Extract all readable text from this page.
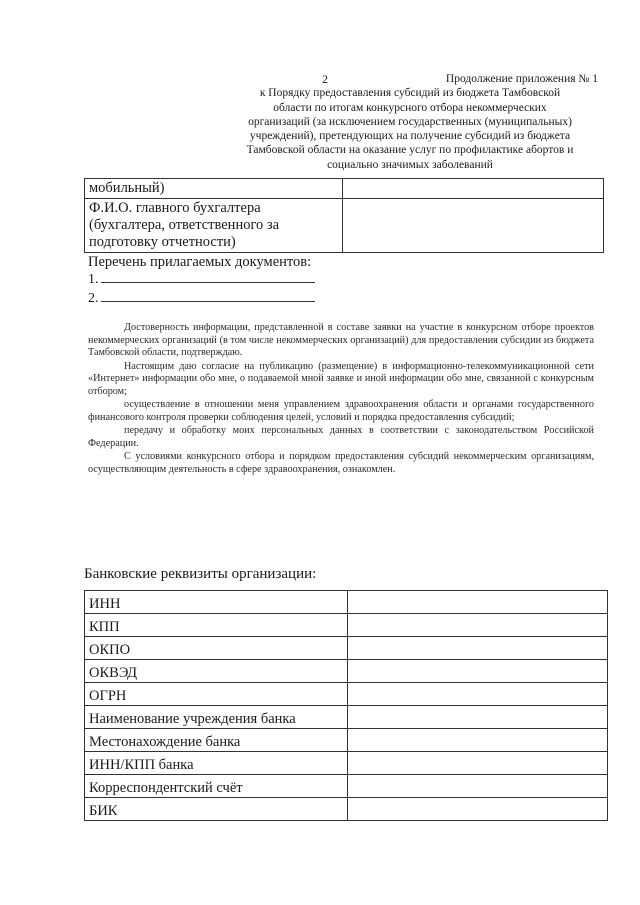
2	Продолжение приложения № 1
к Порядку предоставления субсидий из бюджета Тамбовской
области по итогам конкурсного отбора некоммерческих
организаций (за исключением государственных (муниципальных)
учреждений), претендующих на получение субсидий из бюджета
Тамбовской области на оказание услуг по профилактике абортов и
социально значимых заболеваний
мобильный)	
Ф.И.О. главного бухгалтера (бухгалтера, ответственного за подготовку отчетности)	
Перечень прилагаемых документов:
1.
2.

Достоверность информации, представленной в составе заявки на участие в конкурсном отборе проектов некоммерческих организаций (в том числе некоммерческих организаций) для предоставления субсидии из бюджета Тамбовской области, подтверждаю.

Настоящим даю согласие на публикацию (размещение) в информационно-телекоммуникационной сети «Интернет» информации обо мне, о подаваемой мной заявке и иной информации обо мне, связанной с конкурсным отбором;

осуществление в отношении меня управлением здравоохранения области и органами государственного финансового контроля проверки соблюдения целей, условий и порядка предоставления субсидий;

передачу и обработку моих персональных данных в соответствии с законодательством Российской Федерации.

С условиями конкурсного отбора и порядком предоставления субсидий некоммерческим организациям, осуществляющим деятельность в сфере здравоохранения, ознакомлен.

Банковские реквизиты организации:
ИНН	
КПП	
ОКПО	
ОКВЭД	
ОГРН	
Наименование учреждения банка	
Местонахождение банка	
ИНН/КПП банка	
Корреспондентский счёт	
БИК	
